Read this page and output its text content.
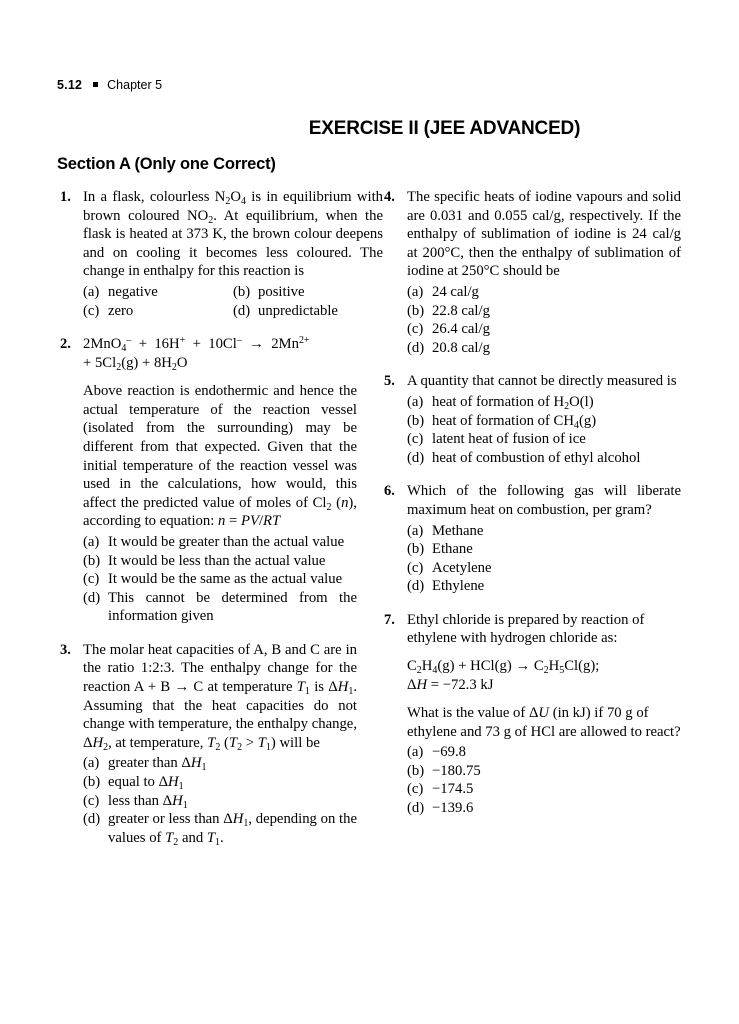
5.12 Chapter 5
EXERCISE II (JEE ADVANCED)
Section A (Only one Correct)
1. In a flask, colourless $N_2O_4$ is in equilibrium with brown coloured $NO_2$. At equilibrium, when the flask is heated at 373 K, the brown colour deepens and on cooling it becomes less coloured. The change in enthalpy for this reaction is

(a) negative	(b) positive
(c) zero	(d) unpredictable
2. $2MnO_4^- + 16H^+ + 10Cl^- \to 2Mn^{2+}$
+ $5Cl_2(g) + 8H_2O$

Above reaction is endothermic and hence the actual temperature of the reaction vessel (isolated from the surrounding) may be different from that expected. Given that the initial temperature of the reaction vessel was used in the calculations, how would, this affect the predicted value of moles of $Cl_2$ (n), according to equation: n = PV/RT

(a) It would be greater than the actual value
(b) It would be less than the actual value
(c) It would be the same as the actual value
(d) This cannot be determined from the information given
3. The molar heat capacities of A, B and C are in the ratio 1:2:3. The enthalpy change for the reaction A + B → C at temperature $T_1$ is $\Delta H_1$. Assuming that the heat capacities do not change with temperature, the enthalpy change, $\Delta H_2$, at temperature, $T_2$ $(T_2 > T_1)$ will be

(a) greater than $\Delta H_1$
(b) equal to $\Delta H_1$
(c) less than $\Delta H_1$
(d) greater or less than $\Delta H_1$, depending on the values of $T_2$ and $T_1$.
4. The specific heats of iodine vapours and solid are 0.031 and 0.055 cal/g, respectively. If the enthalpy of sublimation of iodine is 24 cal/g at 200°C, then the enthalpy of sublimation of iodine at 250°C should be

(a) 24 cal/g
(b) 22.8 cal/g
(c) 26.4 cal/g
(d) 20.8 cal/g
5. A quantity that cannot be directly measured is

(a) heat of formation of $H_2O(l)$
(b) heat of formation of $CH_4(g)$
(c) latent heat of fusion of ice
(d) heat of combustion of ethyl alcohol
6. Which of the following gas will liberate maximum heat on combustion, per gram?

(a) Methane
(b) Ethane
(c) Acetylene
(d) Ethylene
7. Ethyl chloride is prepared by reaction of ethylene with hydrogen chloride as:

$C_2H_4(g) + HCl(g) \to C_2H_5Cl(g)$;
ΔH = −72.3 kJ

What is the value of ΔU (in kJ) if 70 g of ethylene and 73 g of HCl are allowed to react?

(a) −69.8
(b) −180.75
(c) −174.5
(d) −139.6
